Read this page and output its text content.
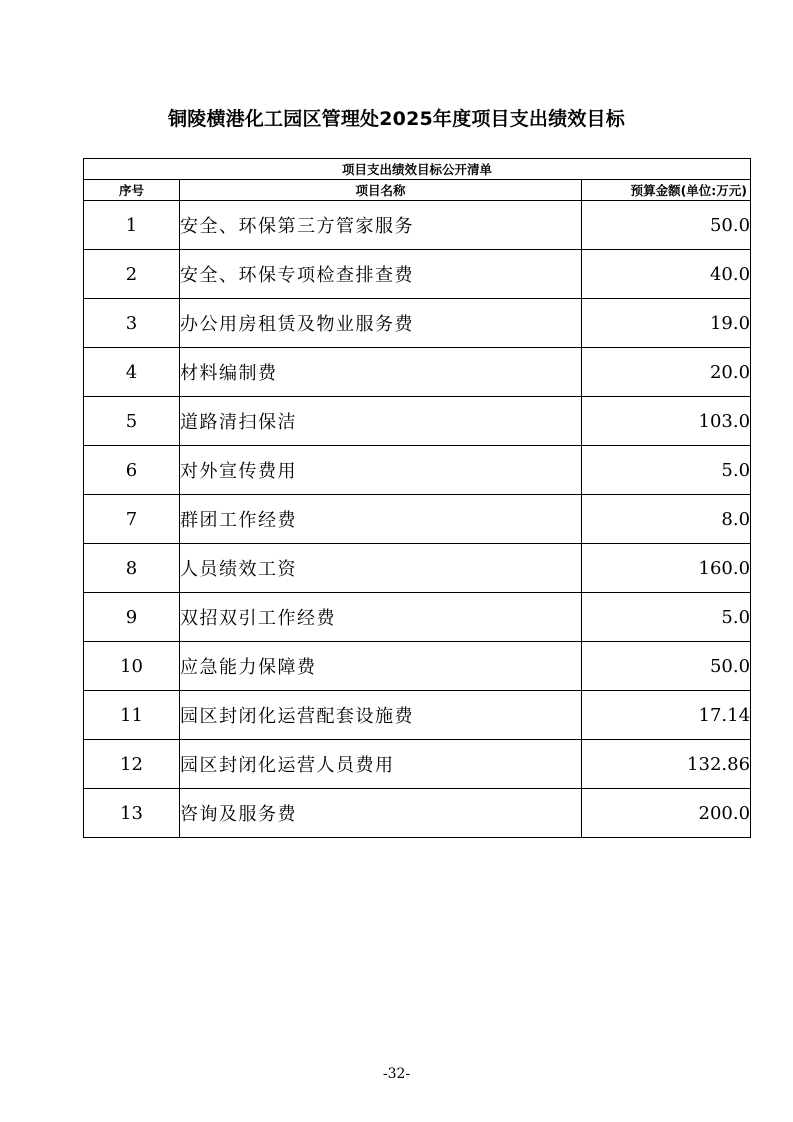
铜陵横港化工园区管理处2025年度项目支出绩效目标
项目支出绩效目标公开清单		
序号	项目名称	预算金额(单位:万元)
1	安全、环保第三方管家服务	50.0
2	安全、环保专项检查排查费	40.0
3	办公用房租赁及物业服务费	19.0
4	材料编制费	20.0
5	道路清扫保洁	103.0
6	对外宣传费用	5.0
7	群团工作经费	8.0
8	人员绩效工资	160.0
9	双招双引工作经费	5.0
10	应急能力保障费	50.0
11	园区封闭化运营配套设施费	17.14
12	园区封闭化运营人员费用	132.86
13	咨询及服务费	200.0
-32-
